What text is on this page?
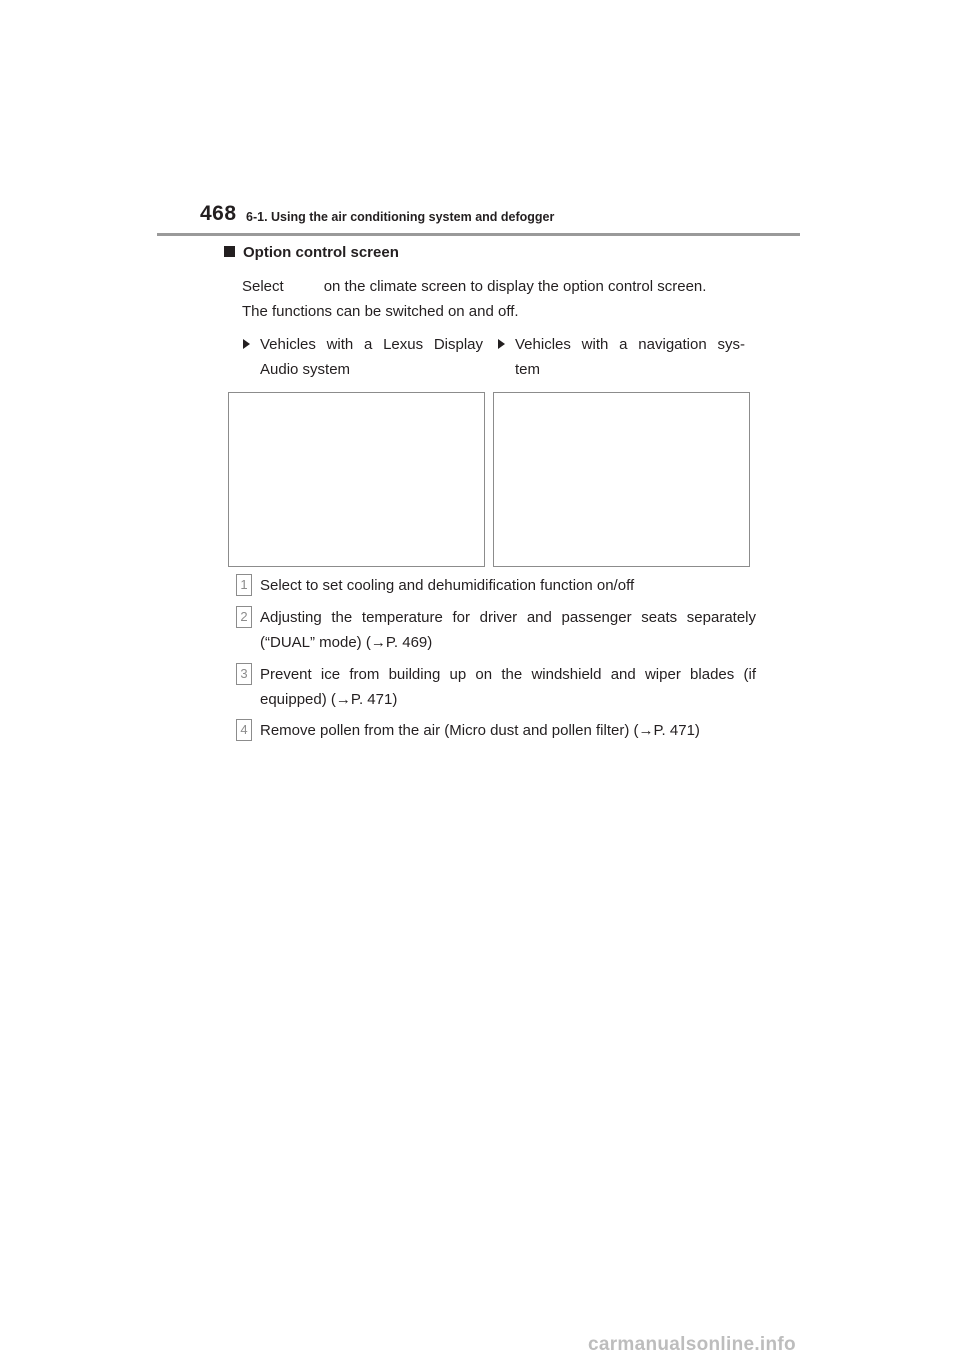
468 6-1. Using the air conditioning system and defogger
Option control screen
Select	on the climate screen to display the option control screen.
The functions can be switched on and off.
Vehicles with a Lexus Display Audio system
Vehicles with a navigation sys- tem
1 Select to set cooling and dehumidification function on/off
2 Adjusting the temperature for driver and passenger seats separately (“DUAL” mode) (→P. 469)
3 Prevent ice from building up on the windshield and wiper blades (if equipped) (→P. 471)
4 Remove pollen from the air (Micro dust and pollen filter) (→P. 471)
carmanualsonline.info
